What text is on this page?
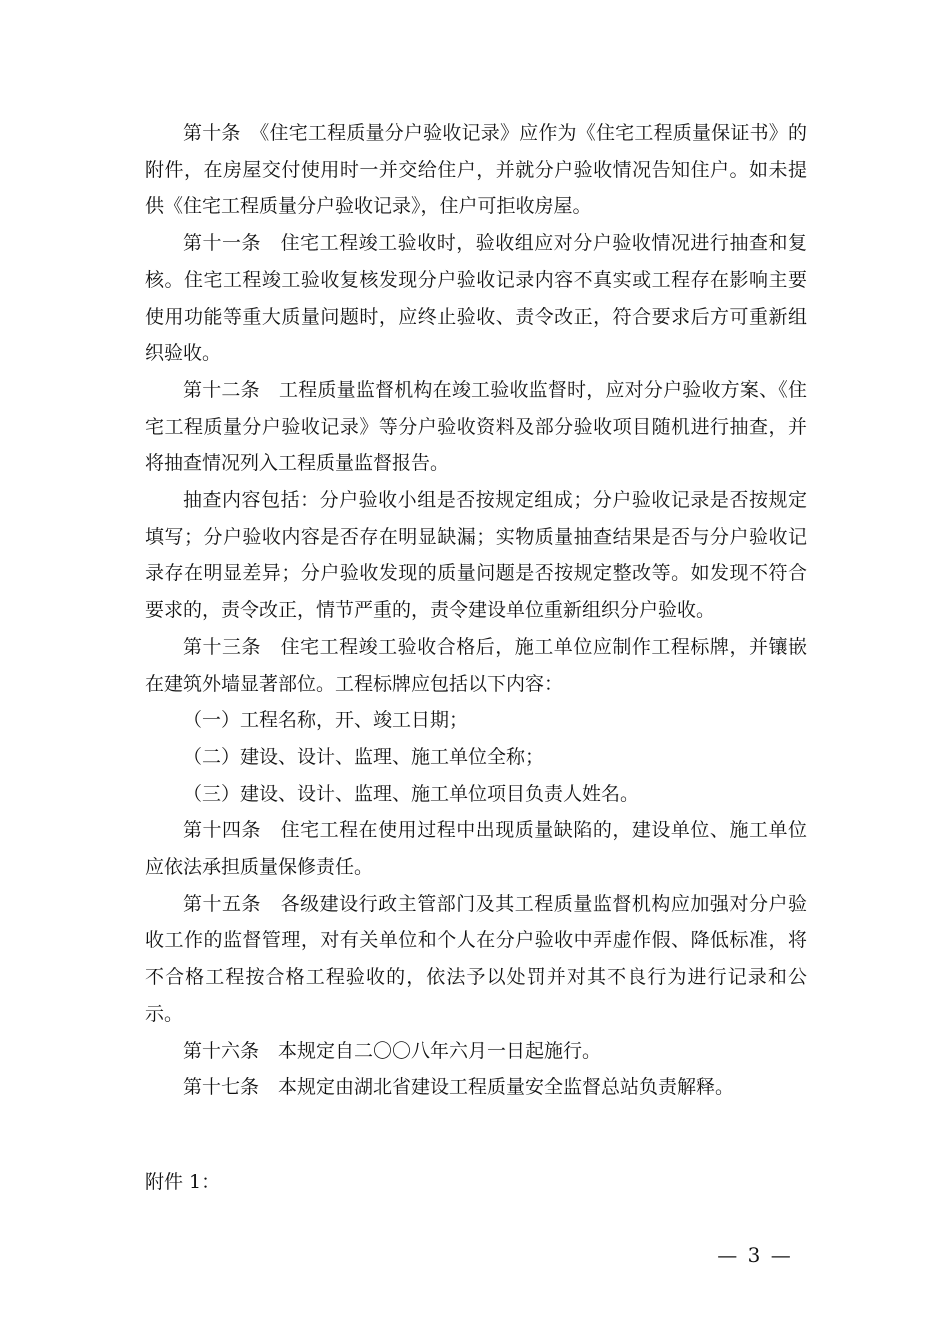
第十条　《住宅工程质量分户验收记录》应作为《住宅工程质量保证书》的附件，在房屋交付使用时一并交给住户，并就分户验收情况告知住户。如未提供《住宅工程质量分户验收记录》，住户可拒收房屋。

第十一条　住宅工程竣工验收时，验收组应对分户验收情况进行抽查和复核。住宅工程竣工验收复核发现分户验收记录内容不真实或工程存在影响主要使用功能等重大质量问题时，应终止验收、责令改正，符合要求后方可重新组织验收。

第十二条　工程质量监督机构在竣工验收监督时，应对分户验收方案、《住宅工程质量分户验收记录》等分户验收资料及部分验收项目随机进行抽查，并将抽查情况列入工程质量监督报告。

抽查内容包括：分户验收小组是否按规定组成；分户验收记录是否按规定填写；分户验收内容是否存在明显缺漏；实物质量抽查结果是否与分户验收记录存在明显差异；分户验收发现的质量问题是否按规定整改等。如发现不符合要求的，责令改正，情节严重的，责令建设单位重新组织分户验收。

第十三条　住宅工程竣工验收合格后，施工单位应制作工程标牌，并镶嵌在建筑外墙显著部位。工程标牌应包括以下内容：

（一）工程名称，开、竣工日期；

（二）建设、设计、监理、施工单位全称；

（三）建设、设计、监理、施工单位项目负责人姓名。

第十四条　住宅工程在使用过程中出现质量缺陷的，建设单位、施工单位应依法承担质量保修责任。

第十五条　各级建设行政主管部门及其工程质量监督机构应加强对分户验收工作的监督管理，对有关单位和个人在分户验收中弄虚作假、降低标准，将不合格工程按合格工程验收的，依法予以处罚并对其不良行为进行记录和公示。

第十六条　本规定自二〇〇八年六月一日起施行。

第十七条　本规定由湖北省建设工程质量安全监督总站负责解释。

附件 1：
— 3 —
